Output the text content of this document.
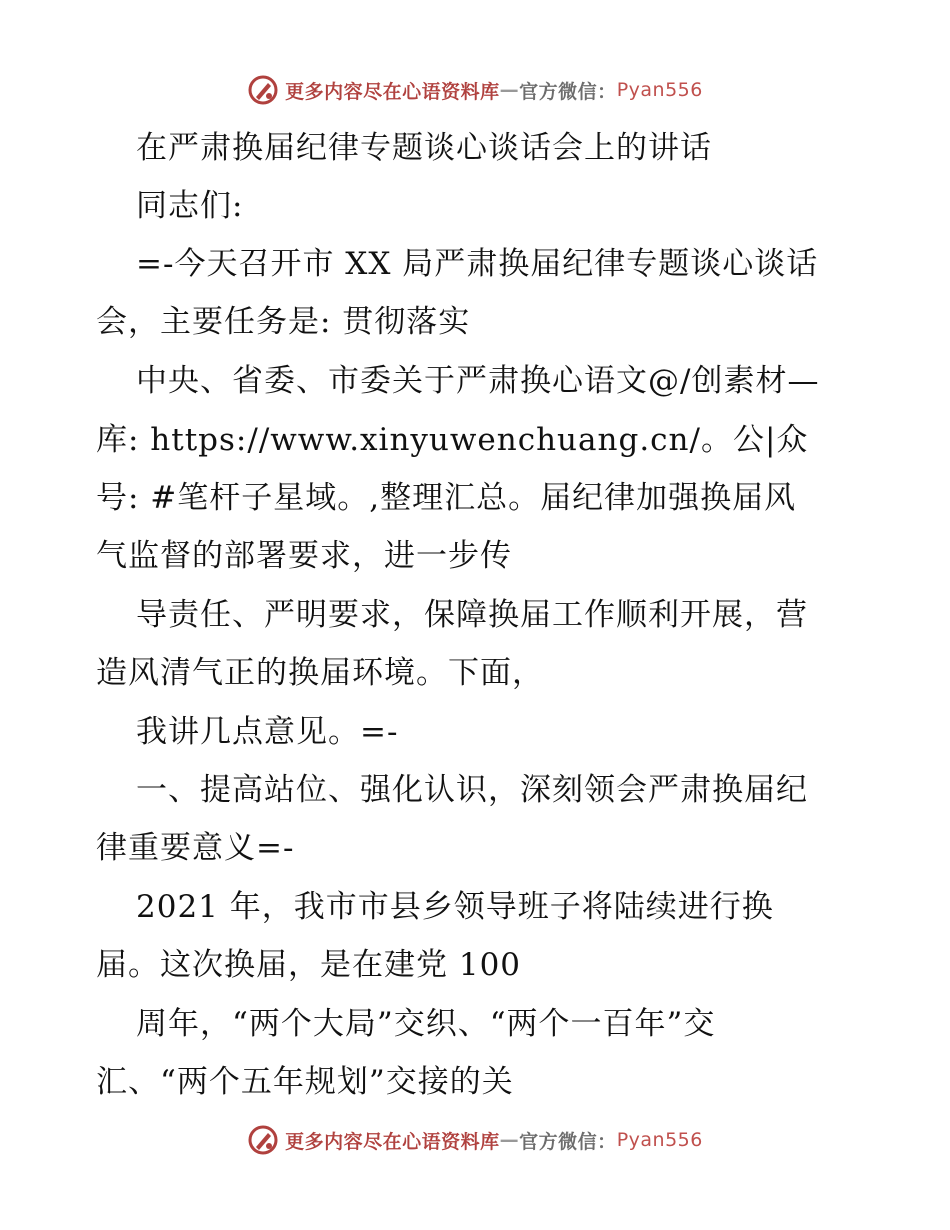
更多内容尽在心语资料库 — 官方微信： Pyan556
在严肃换届纪律专题谈心谈话会上的讲话
同志们:
=-今天召开市 XX 局严肃换届纪律专题谈心谈话
会，主要任务是: 贯彻落实
中央、省委、市委关于严肃换心语文@/创素材—
库: https://www.xinyuwenchuang.cn/。公|众
号: #笔杆子星域。,整理汇总。届纪律加强换届风
气监督的部署要求，进一步传
导责任、严明要求，保障换届工作顺利开展，营
造风清气正的换届环境。下面，
我讲几点意见。=-
一、提高站位、强化认识，深刻领会严肃换届纪
律重要意义=-
2021 年，我市市县乡领导班子将陆续进行换
届。这次换届，是在建党 100
周年，“两个大局”交织、“两个一百年”交
汇、“两个五年规划”交接的关
更多内容尽在心语资料库 — 官方微信： Pyan556
